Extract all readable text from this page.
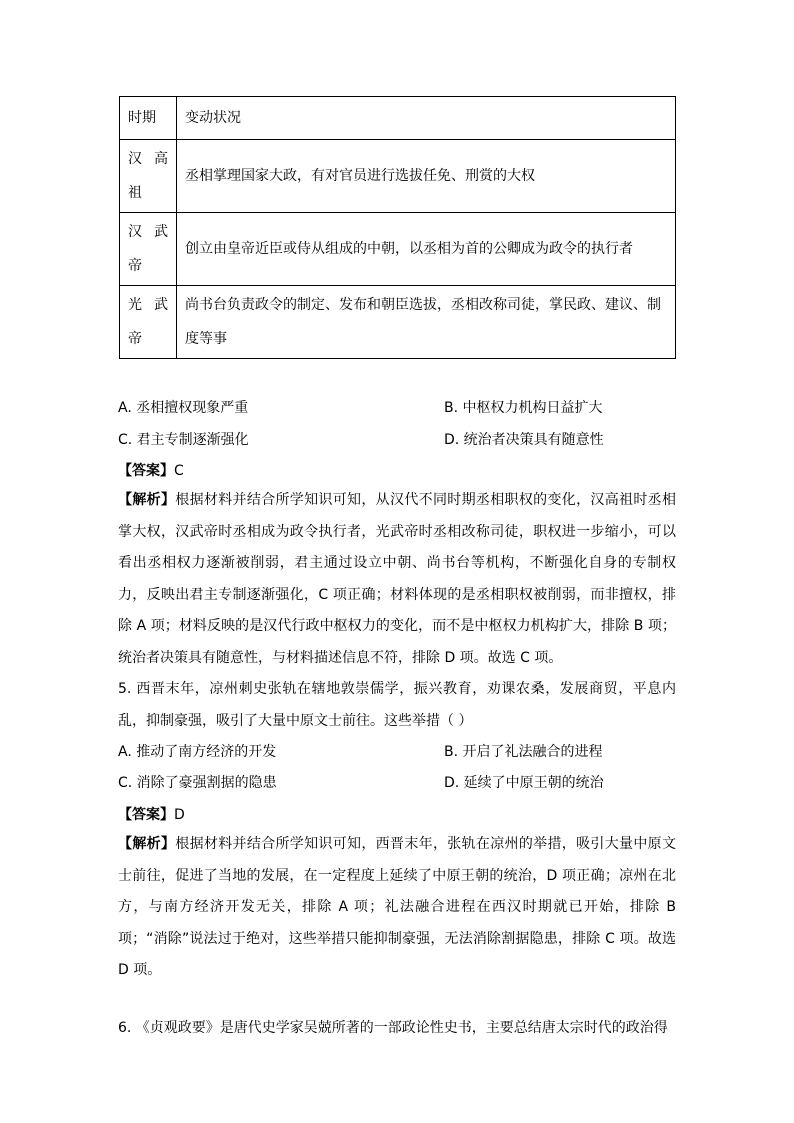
时期	变动状况

汉 高
祖	丞相掌理国家大政，有对官员进行选拔任免、刑赏的大权

汉 武
帝	创立由皇帝近臣或侍从组成的中朝，以丞相为首的公卿成为政令的执行者

光 武
帝	尚书台负责政令的制定、发布和朝臣选拔，丞相改称司徒，掌民政、建议、制度等事
A. 丞相擅权现象严重	B. 中枢权力机构日益扩大
C. 君主专制逐渐强化	D. 统治者决策具有随意性
【答案】C
【解析】根据材料并结合所学知识可知，从汉代不同时期丞相职权的变化，汉高祖时丞相掌大权，汉武帝时丞相成为政令执行者，光武帝时丞相改称司徒，职权进一步缩小，可以看出丞相权力逐渐被削弱，君主通过设立中朝、尚书台等机构，不断强化自身的专制权力，反映出君主专制逐渐强化，C 项正确；材料体现的是丞相职权被削弱，而非擅权，排除 A 项；材料反映的是汉代行政中枢权力的变化，而不是中枢权力机构扩大，排除 B 项；统治者决策具有随意性，与材料描述信息不符，排除 D 项。故选 C 项。
5. 西晋末年，凉州刺史张轨在辖地敦崇儒学，振兴教育，劝课农桑，发展商贸，平息内乱，抑制豪强，吸引了大量中原文士前往。这些举措（ ）
A. 推动了南方经济的开发	B. 开启了礼法融合的进程
C. 消除了豪强割据的隐患	D. 延续了中原王朝的统治
【答案】D
【解析】根据材料并结合所学知识可知，西晋末年，张轨在凉州的举措，吸引大量中原文士前往，促进了当地的发展，在一定程度上延续了中原王朝的统治，D 项正确；凉州在北方，与南方经济开发无关，排除 A 项；礼法融合进程在西汉时期就已开始，排除 B 项；“消除”说法过于绝对，这些举措只能抑制豪强，无法消除割据隐患，排除 C 项。故选 D 项。
6. 《贞观政要》是唐代史学家吴兢所著的一部政论性史书，主要总结唐太宗时代的政治得
